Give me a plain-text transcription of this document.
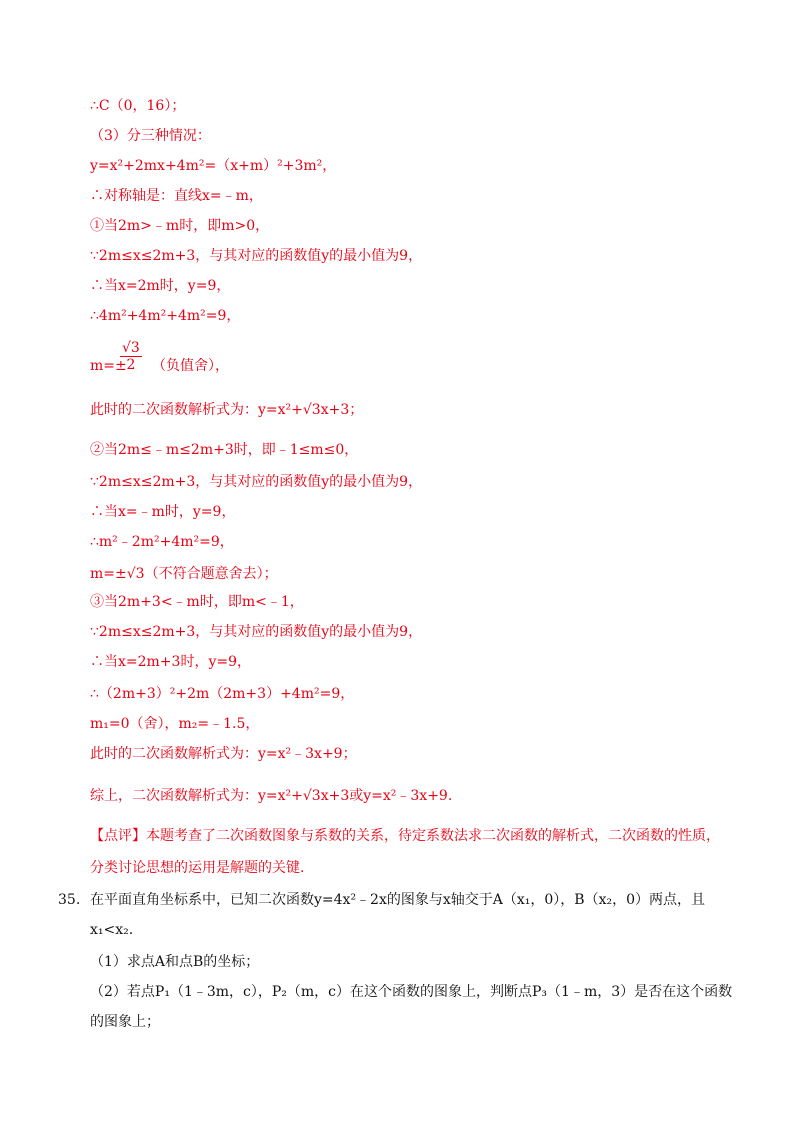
∴C（0，16）；
（3）分三种情况：
y=x²+2mx+4m²=（x+m）²+3m²，
∴对称轴是：直线x=﹣m，
①当2m>﹣m时，即m>0，
∵2m≤x≤2m+3，与其对应的函数值y的最小值为9，
∴当x=2m时，y=9，
∴4m²+4m²+4m²=9，
m=±
$\frac{√3}{2}$ （负值舍），
此时的二次函数解析式为：y=x²+√3x+3；
②当2m≤﹣m≤2m+3时，即﹣1≤m≤0，
∵2m≤x≤2m+3，与其对应的函数值y的最小值为9，
∴当x=﹣m时，y=9，
∴m²﹣2m²+4m²=9，
m=±√3（不符合题意舍去）；
③当2m+3<﹣m时，即m<﹣1，
∵2m≤x≤2m+3，与其对应的函数值y的最小值为9，
∴当x=2m+3时，y=9，
∴（2m+3）²+2m（2m+3）+4m²=9，
m₁=0（舍），m₂=﹣1.5，
此时的二次函数解析式为：y=x²﹣3x+9；
综上，二次函数解析式为：y=x²+√3x+3或y=x²﹣3x+9.
【点评】本题考查了二次函数图象与系数的关系，待定系数法求二次函数的解析式，二次函数的性质，
分类讨论思想的运用是解题的关键.
35. 在平面直角坐标系中，已知二次函数y=4x²﹣2x的图象与x轴交于A（x₁，0），B（x₂，0）两点，且
x₁<x₂.
（1）求点A和点B的坐标；
（2）若点P₁（1﹣3m，c），P₂（m，c）在这个函数的图象上，判断点P₃（1﹣m，3）是否在这个函数
的图象上；
